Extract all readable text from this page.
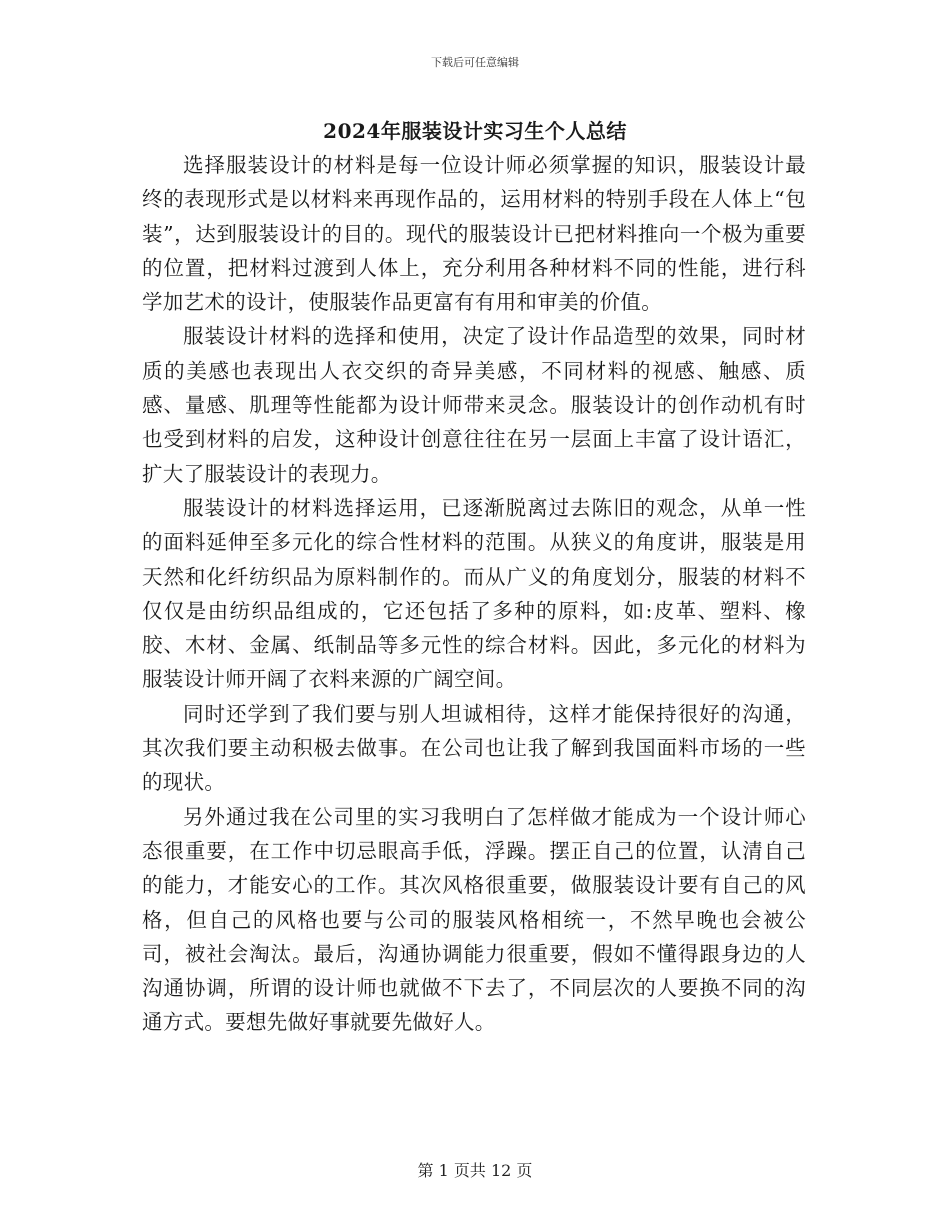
下载后可任意编辑
2024年服装设计实习生个人总结

选择服装设计的材料是每一位设计师必须掌握的知识，服装设计最终的表现形式是以材料来再现作品的，运用材料的特别手段在人体上“包装”，达到服装设计的目的。现代的服装设计已把材料推向一个极为重要的位置，把材料过渡到人体上，充分利用各种材料不同的性能，进行科学加艺术的设计，使服装作品更富有有用和审美的价值。

服装设计材料的选择和使用，决定了设计作品造型的效果，同时材质的美感也表现出人衣交织的奇异美感，不同材料的视感、触感、质感、量感、肌理等性能都为设计师带来灵念。服装设计的创作动机有时也受到材料的启发，这种设计创意往往在另一层面上丰富了设计语汇，扩大了服装设计的表现力。

服装设计的材料选择运用，已逐渐脱离过去陈旧的观念，从单一性的面料延伸至多元化的综合性材料的范围。从狭义的角度讲，服装是用天然和化纤纺织品为原料制作的。而从广义的角度划分，服装的材料不仅仅是由纺织品组成的，它还包括了多种的原料，如:皮革、塑料、橡胶、木材、金属、纸制品等多元性的综合材料。因此，多元化的材料为服装设计师开阔了衣料来源的广阔空间。

同时还学到了我们要与别人坦诚相待，这样才能保持很好的沟通，其次我们要主动积极去做事。在公司也让我了解到我国面料市场的一些的现状。

另外通过我在公司里的实习我明白了怎样做才能成为一个设计师心态很重要，在工作中切忌眼高手低，浮躁。摆正自己的位置，认清自己的能力，才能安心的工作。其次风格很重要，做服装设计要有自己的风格，但自己的风格也要与公司的服装风格相统一，不然早晚也会被公司，被社会淘汰。最后，沟通协调能力很重要，假如不懂得跟身边的人沟通协调，所谓的设计师也就做不下去了，不同层次的人要换不同的沟通方式。要想先做好事就要先做好人。

第 1 页共 12 页
